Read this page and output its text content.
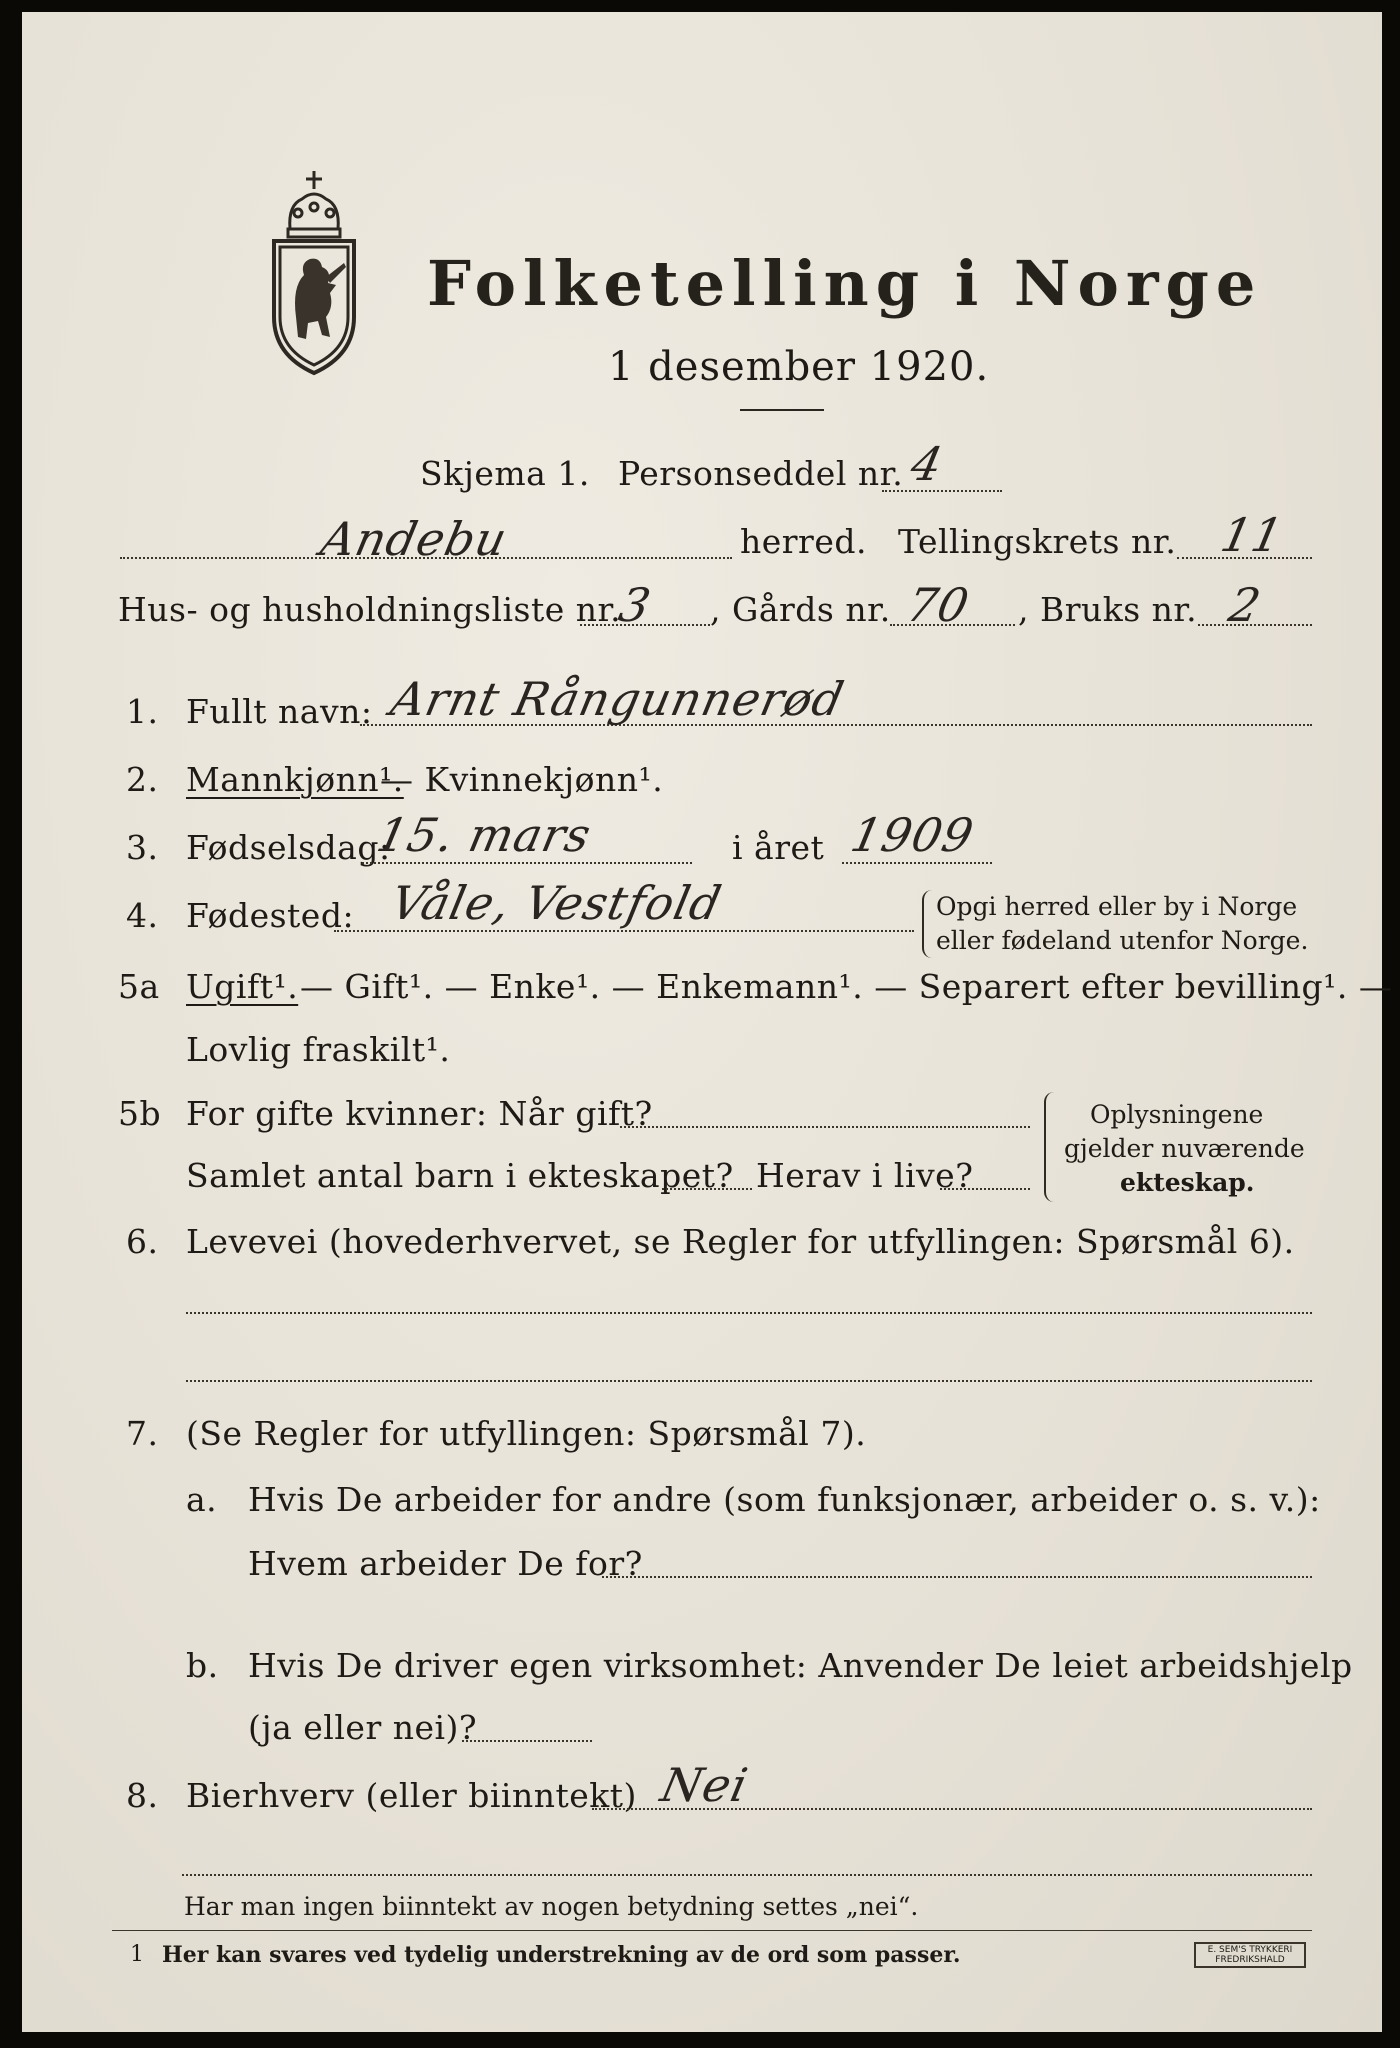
Folketelling i Norge
1 desember 1920.
Skjema 1. Personseddel nr. 4
Andebu	herred. Tellingskrets nr. 11
Hus- og husholdningsliste nr.
3 , Gårds nr. 70 , Bruks nr. 2
1. Fullt navn: Arnt Rångunnerød
2. Mannkjønn¹.
— Kvinnekjønn¹.
3. Fødselsdag:
15. mars	i året 1909
4. Fødested: Våle, Vestfold	Opgi herred eller by i Norge
eller fødeland utenfor Norge.
5a Ugift¹. — Gift¹. — Enke¹. — Enkemann¹. — Separert efter bevilling¹. —
Lovlig fraskilt¹.
5b For gifte kvinner: Når gift?
Samlet antal barn i ekteskapet? Herav i live?
Oplysningene
gjelder nuværende
ekteskap.
6. Levevei (hovederhvervet, se Regler for utfyllingen: Spørsmål 6).
7. (Se Regler for utfyllingen: Spørsmål 7).
a. Hvis De arbeider for andre (som funksjonær, arbeider o. s. v.):
Hvem arbeider De for?
b. Hvis De driver egen virksomhet: Anvender De leiet arbeidshjelp
(ja eller nei)?
8. Bierhverv (eller biinntekt) Nei
Har man ingen biinntekt av nogen betydning settes „nei“.
1 Her kan svares ved tydelig understrekning av de ord som passer.	E. SEM'S TRYKKERI
FREDRIKSHALD
